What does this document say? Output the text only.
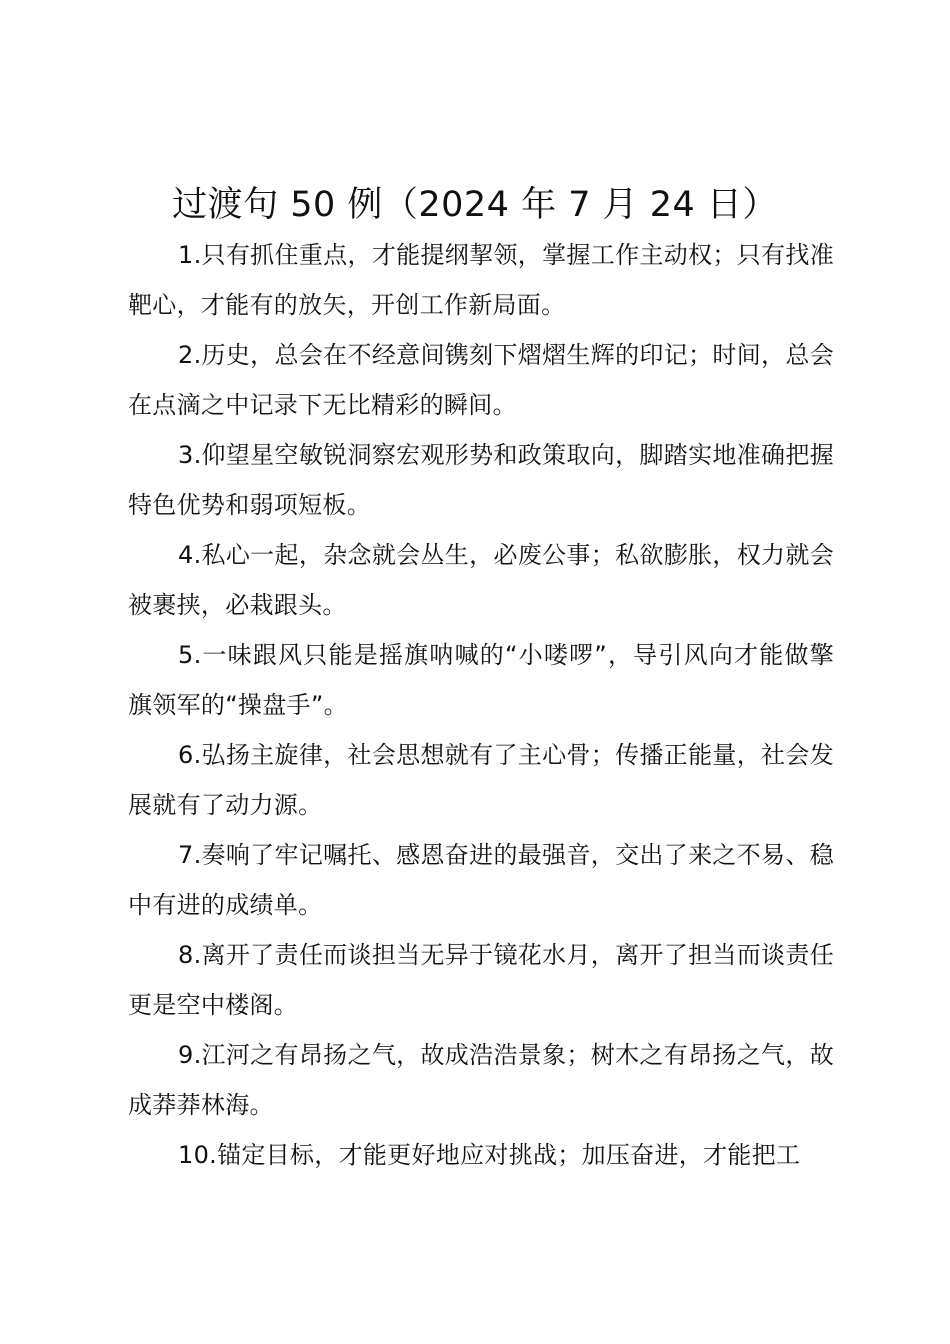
过渡句 50 例（2024 年 7 月 24 日）

1.只有抓住重点，才能提纲挈领，掌握工作主动权；只有找准靶心，才能有的放矢，开创工作新局面。

2.历史，总会在不经意间镌刻下熠熠生辉的印记；时间，总会在点滴之中记录下无比精彩的瞬间。

3.仰望星空敏锐洞察宏观形势和政策取向，脚踏实地准确把握特色优势和弱项短板。

4.私心一起，杂念就会丛生，必废公事；私欲膨胀，权力就会被裹挟，必栽跟头。

5.一味跟风只能是摇旗呐喊的“小喽啰”，导引风向才能做擎旗领军的“操盘手”。

6.弘扬主旋律，社会思想就有了主心骨；传播正能量，社会发展就有了动力源。

7.奏响了牢记嘱托、感恩奋进的最强音，交出了来之不易、稳中有进的成绩单。

8.离开了责任而谈担当无异于镜花水月，离开了担当而谈责任更是空中楼阁。

9.江河之有昂扬之气，故成浩浩景象；树木之有昂扬之气，故成莽莽林海。

10.锚定目标，才能更好地应对挑战；加压奋进，才能把工
